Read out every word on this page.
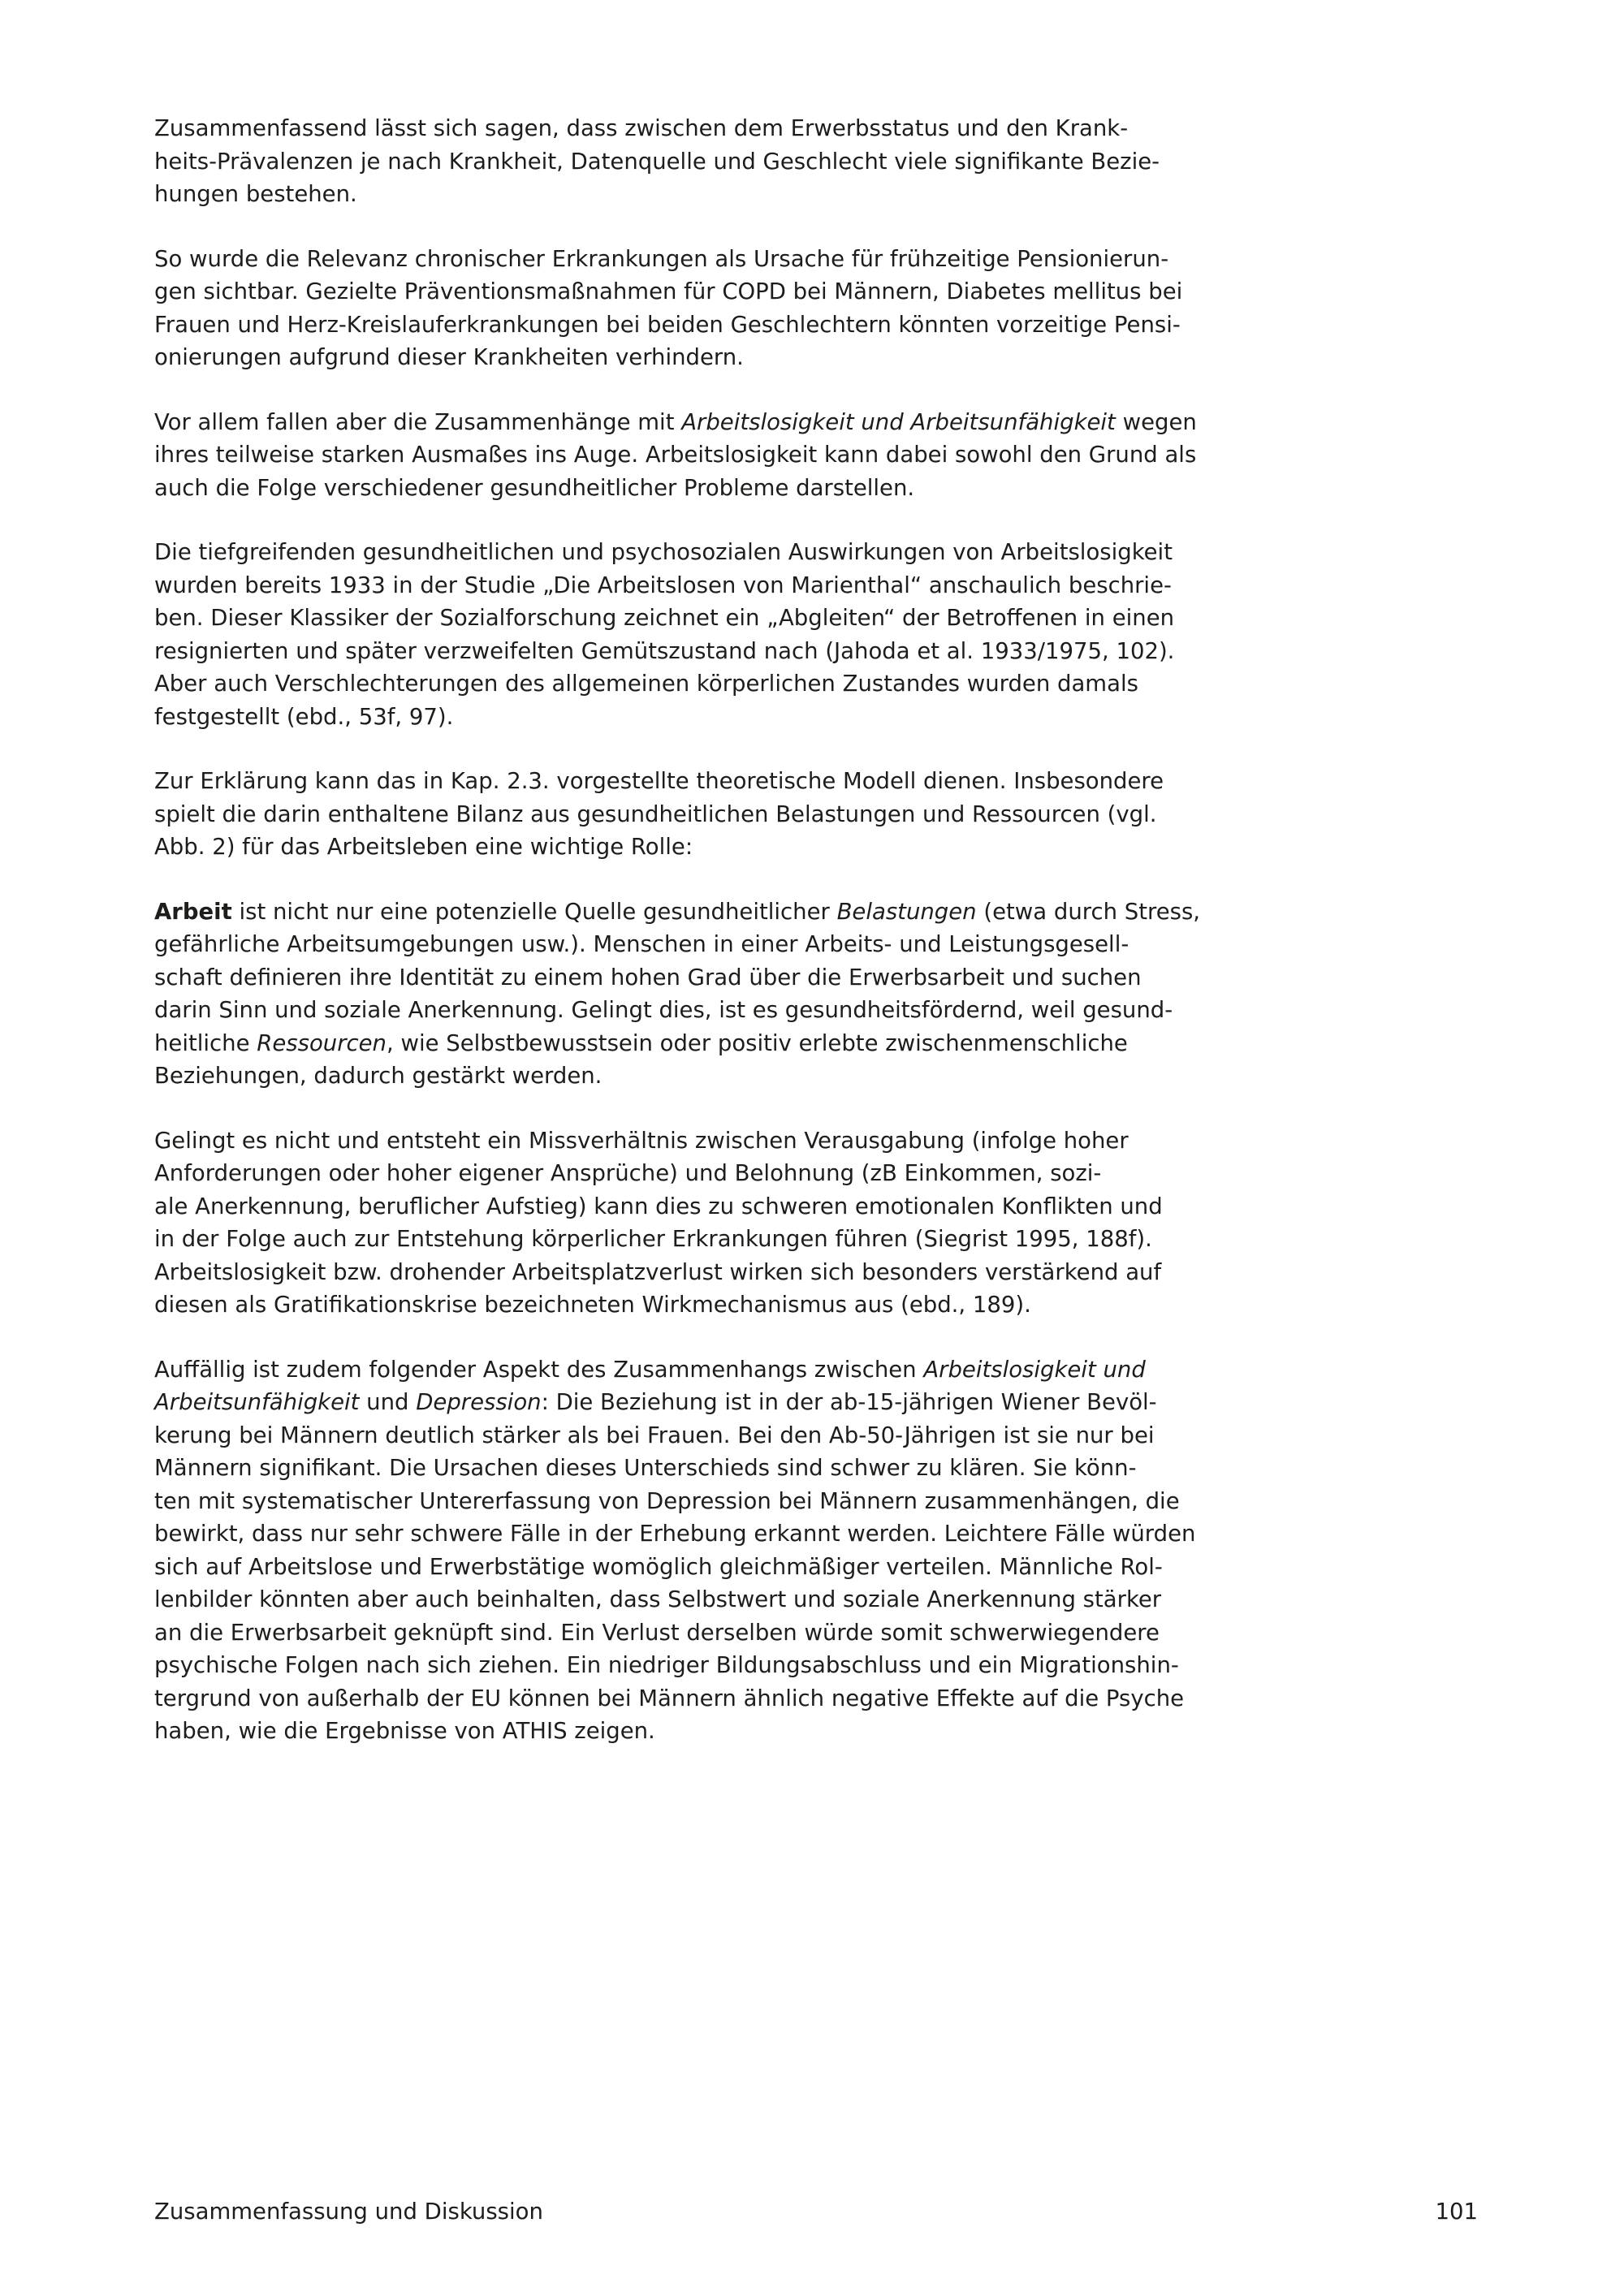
Zusammenfassend lässt sich sagen, dass zwischen dem Erwerbsstatus und den Krank-
heits-Prävalenzen je nach Krankheit, Datenquelle und Geschlecht viele signifikante Bezie-
hungen bestehen.
So wurde die Relevanz chronischer Erkrankungen als Ursache für frühzeitige Pensionierun-
gen sichtbar. Gezielte Präventionsmaßnahmen für COPD bei Männern, Diabetes mellitus bei
Frauen und Herz-Kreislauferkrankungen bei beiden Geschlechtern könnten vorzeitige Pensi-
onierungen aufgrund dieser Krankheiten verhindern.
Vor allem fallen aber die Zusammenhänge mit Arbeitslosigkeit und Arbeitsunfähigkeit wegen
ihres teilweise starken Ausmaßes ins Auge. Arbeitslosigkeit kann dabei sowohl den Grund als
auch die Folge verschiedener gesundheitlicher Probleme darstellen.
Die tiefgreifenden gesundheitlichen und psychosozialen Auswirkungen von Arbeitslosigkeit
wurden bereits 1933 in der Studie „Die Arbeitslosen von Marienthal“ anschaulich beschrie-
ben. Dieser Klassiker der Sozialforschung zeichnet ein „Abgleiten“ der Betroffenen in einen
resignierten und später verzweifelten Gemütszustand nach (Jahoda et al. 1933/1975, 102).
Aber auch Verschlechterungen des allgemeinen körperlichen Zustandes wurden damals
festgestellt (ebd., 53f, 97).
Zur Erklärung kann das in Kap. 2.3. vorgestellte theoretische Modell dienen. Insbesondere
spielt die darin enthaltene Bilanz aus gesundheitlichen Belastungen und Ressourcen (vgl.
Abb. 2) für das Arbeitsleben eine wichtige Rolle:
Arbeit ist nicht nur eine potenzielle Quelle gesundheitlicher Belastungen (etwa durch Stress,
gefährliche Arbeitsumgebungen usw.). Menschen in einer Arbeits- und Leistungsgesell-
schaft definieren ihre Identität zu einem hohen Grad über die Erwerbsarbeit und suchen
darin Sinn und soziale Anerkennung. Gelingt dies, ist es gesundheitsfördernd, weil gesund-
heitliche Ressourcen, wie Selbstbewusstsein oder positiv erlebte zwischenmenschliche
Beziehungen, dadurch gestärkt werden.
Gelingt es nicht und entsteht ein Missverhältnis zwischen Verausgabung (infolge hoher
Anforderungen oder hoher eigener Ansprüche) und Belohnung (zB Einkommen, sozi-
ale Anerkennung, beruflicher Aufstieg) kann dies zu schweren emotionalen Konflikten und
in der Folge auch zur Entstehung körperlicher Erkrankungen führen (Siegrist 1995, 188f).
Arbeitslosigkeit bzw. drohender Arbeitsplatzverlust wirken sich besonders verstärkend auf
diesen als Gratifikationskrise bezeichneten Wirkmechanismus aus (ebd., 189).
Auffällig ist zudem folgender Aspekt des Zusammenhangs zwischen Arbeitslosigkeit und
Arbeitsunfähigkeit und Depression: Die Beziehung ist in der ab-15-jährigen Wiener Bevöl-
kerung bei Männern deutlich stärker als bei Frauen. Bei den Ab-50-Jährigen ist sie nur bei
Männern signifikant. Die Ursachen dieses Unterschieds sind schwer zu klären. Sie könn-
ten mit systematischer Untererfassung von Depression bei Männern zusammenhängen, die
bewirkt, dass nur sehr schwere Fälle in der Erhebung erkannt werden. Leichtere Fälle würden
sich auf Arbeitslose und Erwerbstätige womöglich gleichmäßiger verteilen. Männliche Rol-
lenbilder könnten aber auch beinhalten, dass Selbstwert und soziale Anerkennung stärker
an die Erwerbsarbeit geknüpft sind. Ein Verlust derselben würde somit schwerwiegendere
psychische Folgen nach sich ziehen. Ein niedriger Bildungsabschluss und ein Migrationshin-
tergrund von außerhalb der EU können bei Männern ähnlich negative Effekte auf die Psyche
haben, wie die Ergebnisse von ATHIS zeigen.
Zusammenfassung und Diskussion	101
